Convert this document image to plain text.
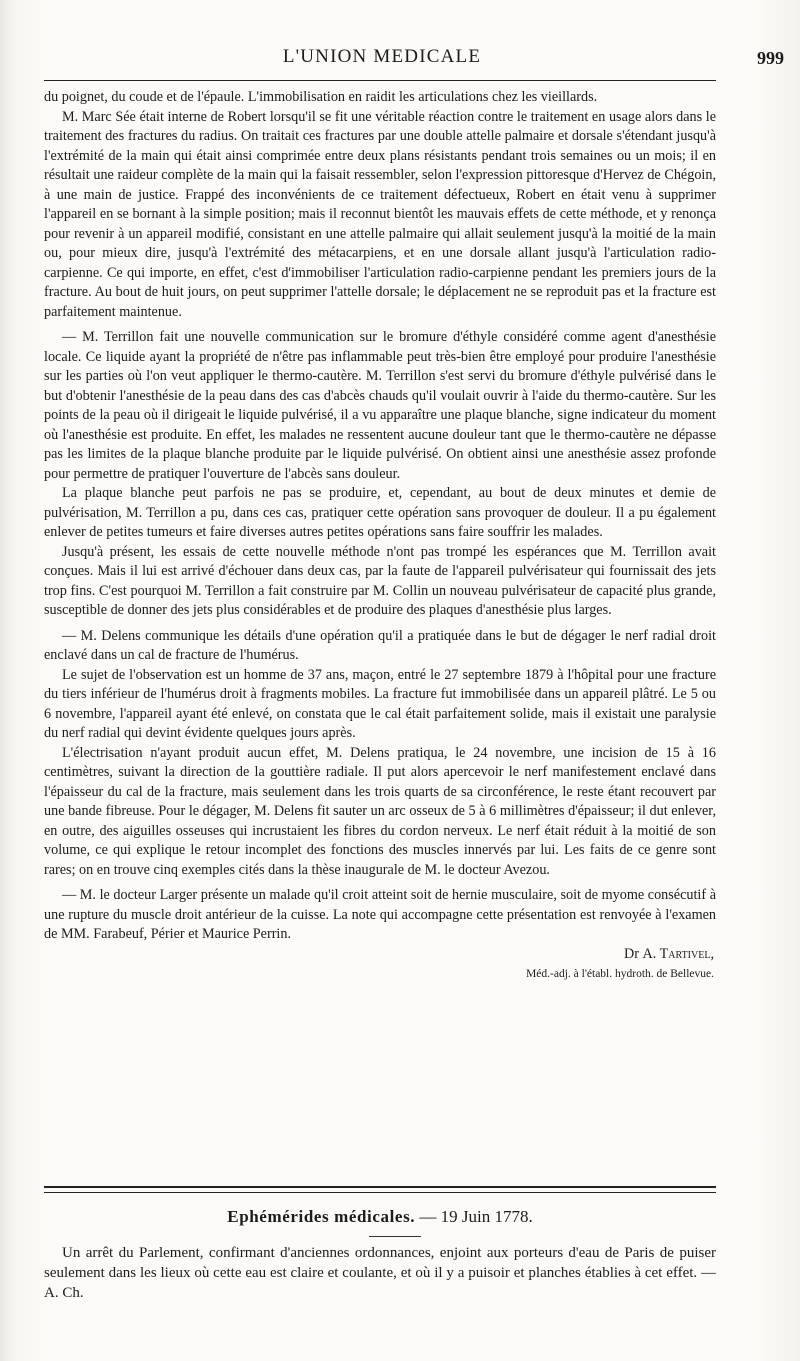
L'UNION MEDICALE	999

du poignet, du coude et de l'épaule. L'immobilisation en raidit les articulations chez les vieillards.

M. Marc Sée était interne de Robert lorsqu'il se fit une véritable réaction contre le traitement en usage alors dans le traitement des fractures du radius. On traitait ces fractures par une double attelle palmaire et dorsale s'étendant jusqu'à l'extrémité de la main qui était ainsi comprimée entre deux plans résistants pendant trois semaines ou un mois; il en résultait une raideur complète de la main qui la faisait ressembler, selon l'expression pittoresque d'Hervez de Chégoin, à une main de justice. Frappé des inconvénients de ce traitement défectueux, Robert en était venu à supprimer l'appareil en se bornant à la simple position; mais il reconnut bientôt les mauvais effets de cette méthode, et y renonça pour revenir à un appareil modifié, consistant en une attelle palmaire qui allait seulement jusqu'à la moitié de la main ou, pour mieux dire, jusqu'à l'extrémité des métacarpiens, et en une dorsale allant jusqu'à l'articulation radio-carpienne. Ce qui importe, en effet, c'est d'immobiliser l'articulation radio-carpienne pendant les premiers jours de la fracture. Au bout de huit jours, on peut supprimer l'attelle dorsale; le déplacement ne se reproduit pas et la fracture est parfaitement maintenue.

— M. Terrillon fait une nouvelle communication sur le bromure d'éthyle considéré comme agent d'anesthésie locale. Ce liquide ayant la propriété de n'être pas inflammable peut très-bien être employé pour produire l'anesthésie sur les parties où l'on veut appliquer le thermo-cautère. M. Terrillon s'est servi du bromure d'éthyle pulvérisé dans le but d'obtenir l'anesthésie de la peau dans des cas d'abcès chauds qu'il voulait ouvrir à l'aide du thermo-cautère. Sur les points de la peau où il dirigeait le liquide pulvérisé, il a vu apparaître une plaque blanche, signe indicateur du moment où l'anesthésie est produite. En effet, les malades ne ressentent aucune douleur tant que le thermo-cautère ne dépasse pas les limites de la plaque blanche produite par le liquide pulvérisé. On obtient ainsi une anesthésie assez profonde pour permettre de pratiquer l'ouverture de l'abcès sans douleur.

La plaque blanche peut parfois ne pas se produire, et, cependant, au bout de deux minutes et demie de pulvérisation, M. Terrillon a pu, dans ces cas, pratiquer cette opération sans provoquer de douleur. Il a pu également enlever de petites tumeurs et faire diverses autres petites opérations sans faire souffrir les malades.

Jusqu'à présent, les essais de cette nouvelle méthode n'ont pas trompé les espérances que M. Terrillon avait conçues. Mais il lui est arrivé d'échouer dans deux cas, par la faute de l'appareil pulvérisateur qui fournissait des jets trop fins. C'est pourquoi M. Terrillon a fait construire par M. Collin un nouveau pulvérisateur de capacité plus grande, susceptible de donner des jets plus considérables et de produire des plaques d'anesthésie plus larges.

— M. Delens communique les détails d'une opération qu'il a pratiquée dans le but de dégager le nerf radial droit enclavé dans un cal de fracture de l'humérus.

Le sujet de l'observation est un homme de 37 ans, maçon, entré le 27 septembre 1879 à l'hôpital pour une fracture du tiers inférieur de l'humérus droit à fragments mobiles. La fracture fut immobilisée dans un appareil plâtré. Le 5 ou 6 novembre, l'appareil ayant été enlevé, on constata que le cal était parfaitement solide, mais il existait une paralysie du nerf radial qui devint évidente quelques jours après.

L'électrisation n'ayant produit aucun effet, M. Delens pratiqua, le 24 novembre, une incision de 15 à 16 centimètres, suivant la direction de la gouttière radiale. Il put alors apercevoir le nerf manifestement enclavé dans l'épaisseur du cal de la fracture, mais seulement dans les trois quarts de sa circonférence, le reste étant recouvert par une bande fibreuse. Pour le dégager, M. Delens fit sauter un arc osseux de 5 à 6 millimètres d'épaisseur; il dut enlever, en outre, des aiguilles osseuses qui incrustaient les fibres du cordon nerveux. Le nerf était réduit à la moitié de son volume, ce qui explique le retour incomplet des fonctions des muscles innervés par lui. Les faits de ce genre sont rares; on en trouve cinq exemples cités dans la thèse inaugurale de M. le docteur Avezou.

— M. le docteur Larger présente un malade qu'il croit atteint soit de hernie musculaire, soit de myome consécutif à une rupture du muscle droit antérieur de la cuisse. La note qui accompagne cette présentation est renvoyée à l'examen de MM. Farabeuf, Périer et Maurice Perrin.

Dr A. Tartivel,
Méd.-adj. à l'établ. hydroth. de Bellevue.
Ephémérides médicales. — 19 Juin 1778.

Un arrêt du Parlement, confirmant d'anciennes ordonnances, enjoint aux porteurs d'eau de Paris de puiser seulement dans les lieux où cette eau est claire et coulante, et où il y a puisoir et planches établies à cet effet. — A. Ch.
